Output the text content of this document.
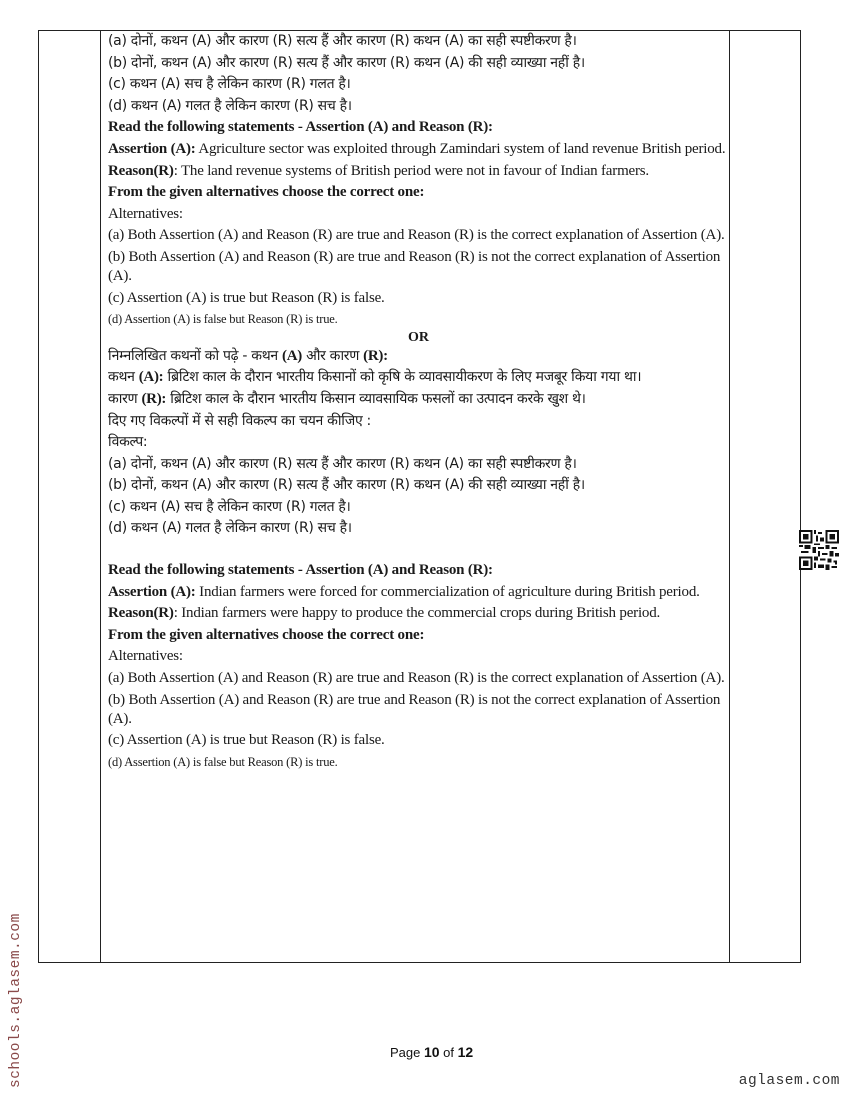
(a) दोनों, कथन (A) और कारण (R) सत्य हैं और कारण (R) कथन (A) का सही स्पष्टीकरण है।
(b) दोनों, कथन (A) और कारण (R) सत्य हैं और कारण (R) कथन (A) की सही व्याख्या नहीं है।
(c) कथन (A) सच है लेकिन कारण (R) गलत है।
(d) कथन (A) गलत है लेकिन कारण (R) सच है।
Read the following statements - Assertion (A) and Reason (R):
Assertion (A): Agriculture sector was exploited through Zamindari system of land revenue British period.
Reason(R): The land revenue systems of British period were not in favour of Indian farmers.
From the given alternatives choose the correct one:
Alternatives:
(a) Both Assertion (A) and Reason (R) are true and Reason (R) is the correct explanation of Assertion (A).
(b) Both Assertion (A) and Reason (R) are true and Reason (R) is not the correct explanation of Assertion (A).
(c) Assertion (A) is true but Reason (R) is false.
(d) Assertion (A) is false but Reason (R) is true.
OR
निम्नलिखित कथनों को पढ़े - कथन (A) और कारण (R):
कथन (A): ब्रिटिश काल के दौरान भारतीय किसानों को कृषि के व्यावसायीकरण के लिए मजबूर किया गया था।
कारण (R): ब्रिटिश काल के दौरान भारतीय किसान व्यावसायिक फसलों का उत्पादन करके खुश थे।
दिए गए विकल्पों में से सही विकल्प का चयन कीजिए :
विकल्प:
(a) दोनों, कथन (A) और कारण (R) सत्य हैं और कारण (R) कथन (A) का सही स्पष्टीकरण है।
(b) दोनों, कथन (A) और कारण (R) सत्य हैं और कारण (R) कथन (A) की सही व्याख्या नहीं है।
(c) कथन (A) सच है लेकिन कारण (R) गलत है।
(d) कथन (A) गलत है लेकिन कारण (R) सच है।
Read the following statements - Assertion (A) and Reason (R):
Assertion (A): Indian farmers were forced for commercialization of agriculture during British period.
Reason(R): Indian farmers were happy to produce the commercial crops during British period.
From the given alternatives choose the correct one:
Alternatives:
(a) Both Assertion (A) and Reason (R) are true and Reason (R) is the correct explanation of Assertion (A).
(b) Both Assertion (A) and Reason (R) are true and Reason (R) is not the correct explanation of Assertion (A).
(c) Assertion (A) is true but Reason (R) is false.
(d) Assertion (A) is false but Reason (R) is true.
schools.aglasem.com	Page 10 of 12
aglasem.com
